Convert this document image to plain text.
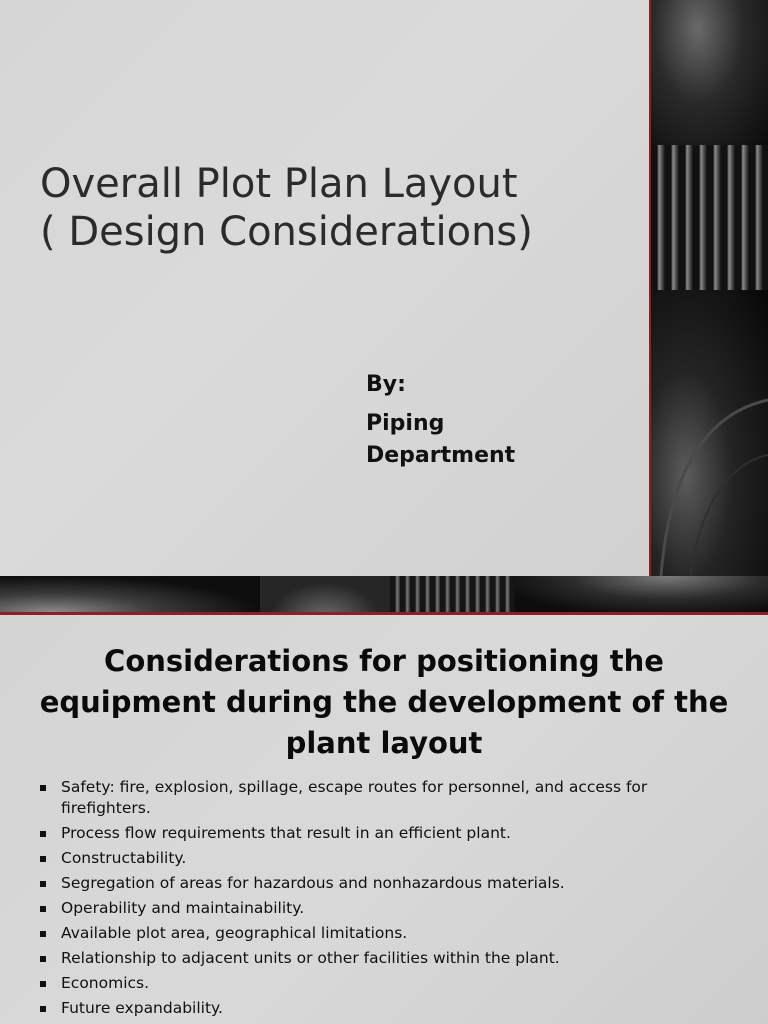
Overall Plot Plan Layout
( Design Considerations)
By:
Piping Department
Considerations for positioning the equipment during the development of the plant layout
Safety: fire, explosion, spillage, escape routes for personnel, and access for firefighters.
Process flow requirements that result in an efficient plant.
Constructability.
Segregation of areas for hazardous and nonhazardous materials.
Operability and maintainability.
Available plot area, geographical limitations.
Relationship to adjacent units or other facilities within the plant.
Economics.
Future expandability.
